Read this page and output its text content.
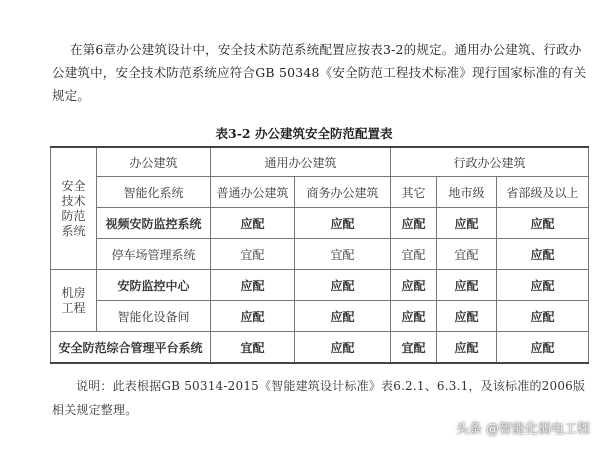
在第6章办公建筑设计中，安全技术防范系统配置应按表3-2的规定。通用办公建筑、行政办公建筑中，安全技术防范系统应符合GB 50348《安全防范工程技术标准》现行国家标准的有关规定。
表3-2 办公建筑安全防范配置表
安全技术防范系统	办公建筑	通用办公建筑		行政办公建筑		
	智能化系统	普通办公建筑	商务办公建筑	其它	地市级	省部级及以上
	视频安防监控系统	应配	应配	应配	应配	应配
	停车场管理系统	宜配	宜配	宜配	宜配	应配
机房工程	安防监控中心	应配	应配	应配	应配	应配
	智能化设备间	应配	应配	应配	应配	应配
安全防范综合管理平台系统		宜配	应配	宜配	应配	应配
说明：此表根据GB 50314-2015《智能建筑设计标准》表6.2.1、6.3.1，及该标准的2006版相关规定整理。
头条 @智能化弱电工程
